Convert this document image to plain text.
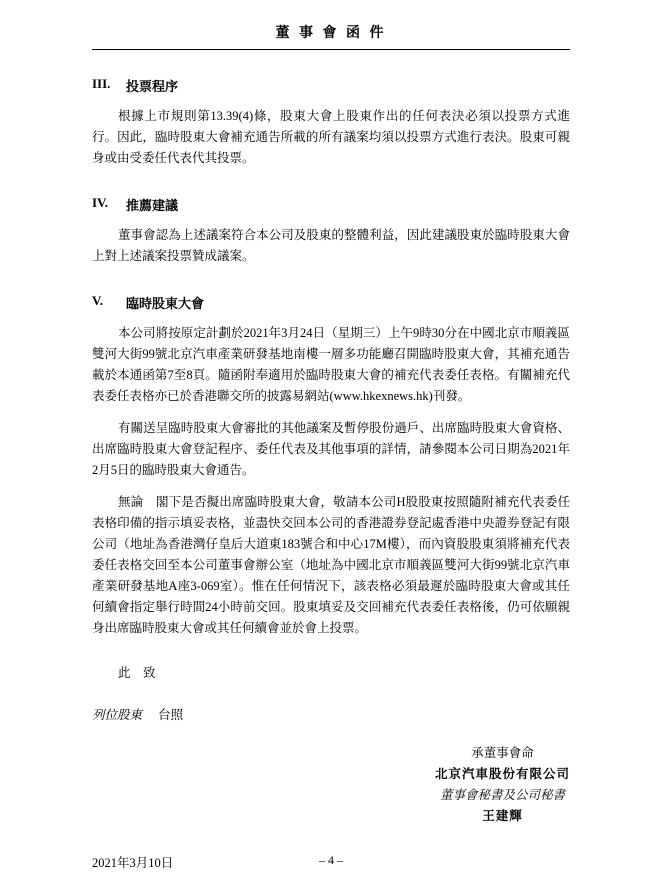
董 事 會 函 件
III.	投票程序

根據上市規則第13.39(4)條，股東大會上股東作出的任何表決必須以投票方式進行。因此，臨時股東大會補充通告所載的所有議案均須以投票方式進行表決。股東可親身或由受委任代表代其投票。

IV.	推薦建議

董事會認為上述議案符合本公司及股東的整體利益，因此建議股東於臨時股東大會上對上述議案投票贊成議案。

V.	臨時股東大會

本公司將按原定計劃於2021年3月24日（星期三）上午9時30分在中國北京市順義區雙河大街99號北京汽車產業研發基地南樓一層多功能廳召開臨時股東大會，其補充通告載於本通函第7至8頁。隨函附奉適用於臨時股東大會的補充代表委任表格。有關補充代表委任表格亦已於香港聯交所的披露易網站(www.hkexnews.hk)刊發。

有關送呈臨時股東大會審批的其他議案及暫停股份過戶、出席臨時股東大會資格、出席臨時股東大會登記程序、委任代表及其他事項的詳情，請參閱本公司日期為2021年2月5日的臨時股東大會通告。

無論　閣下是否擬出席臨時股東大會，敬請本公司H股股東按照隨附補充代表委任表格印備的指示填妥表格，並盡快交回本公司的香港證券登記處香港中央證券登記有限公司（地址為香港灣仔皇后大道東183號合和中心17M樓），而內資股股東須將補充代表委任表格交回至本公司董事會辦公室（地址為中國北京市順義區雙河大街99號北京汽車產業研發基地A座3-069室）。惟在任何情況下，該表格必須最遲於臨時股東大會或其任何續會指定舉行時間24小時前交回。股東填妥及交回補充代表委任表格後，仍可依願親身出席臨時股東大會或其任何續會並於會上投票。

此　致

列位股東 台照

承董事會命

北京汽車股份有限公司

董事會秘書及公司秘書

王建輝

2021年3月10日	– 4 –
